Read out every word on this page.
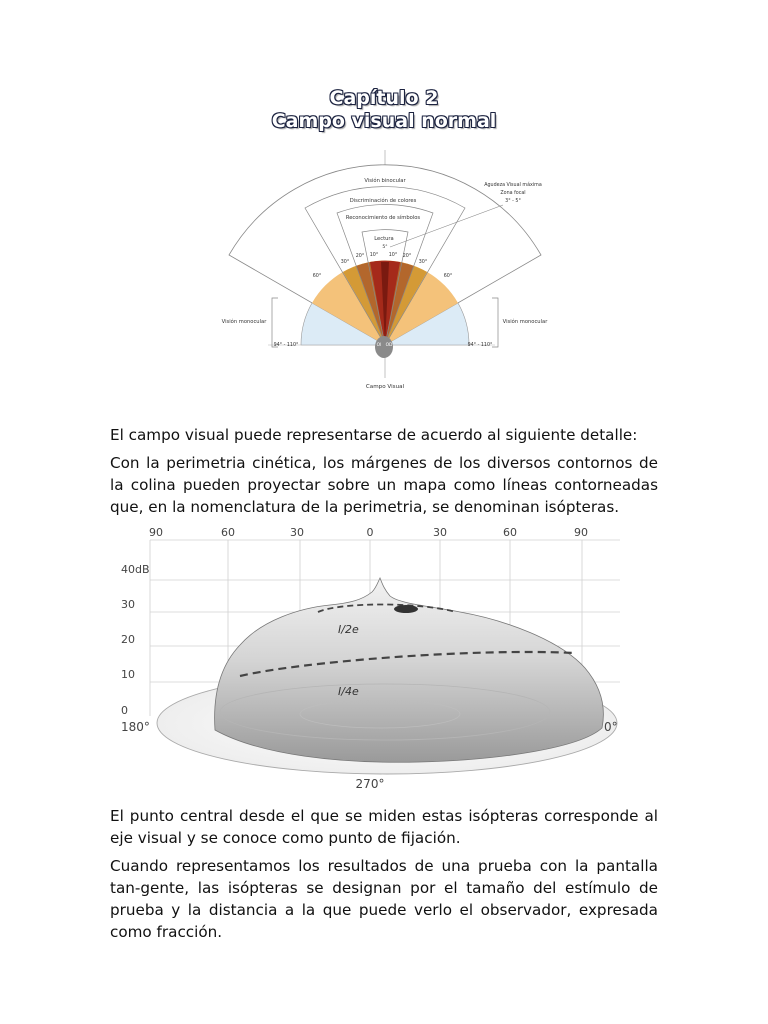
Capítulo 2
Campo visual normal
Visión binocular
Discriminación de colores
Reconocimiento de símbolos
Lectura
5°
Agudeza Visual máxima
Zona focal
3° - 5°
Visión monocular	Visión monocular
94° - 110°	94° - 110°
60°	60°
30°	30°
20°	20°
10° 10°
OI OD
Campo Visual

El campo visual puede representarse de acuerdo al siguiente detalle:

Con la perimetria cinética, los márgenes de los diversos contornos de la colina pueden proyectar sobre un mapa como líneas contorneadas que, en la nomenclatura de la perimetria, se denominan isópteras.

90	60	30	0	30	60	90
40dB
30
20
10
0
180°	0°
270°
I/4e
I/2e

El punto central desde el que se miden estas isópteras corresponde al eje visual y se conoce como punto de fijación.

Cuando representamos los resultados de una prueba con la pantalla tan-gente, las isópteras se designan por el tamaño del estímulo de prueba y la distancia a la que puede verlo el observador, expresada como fracción.
